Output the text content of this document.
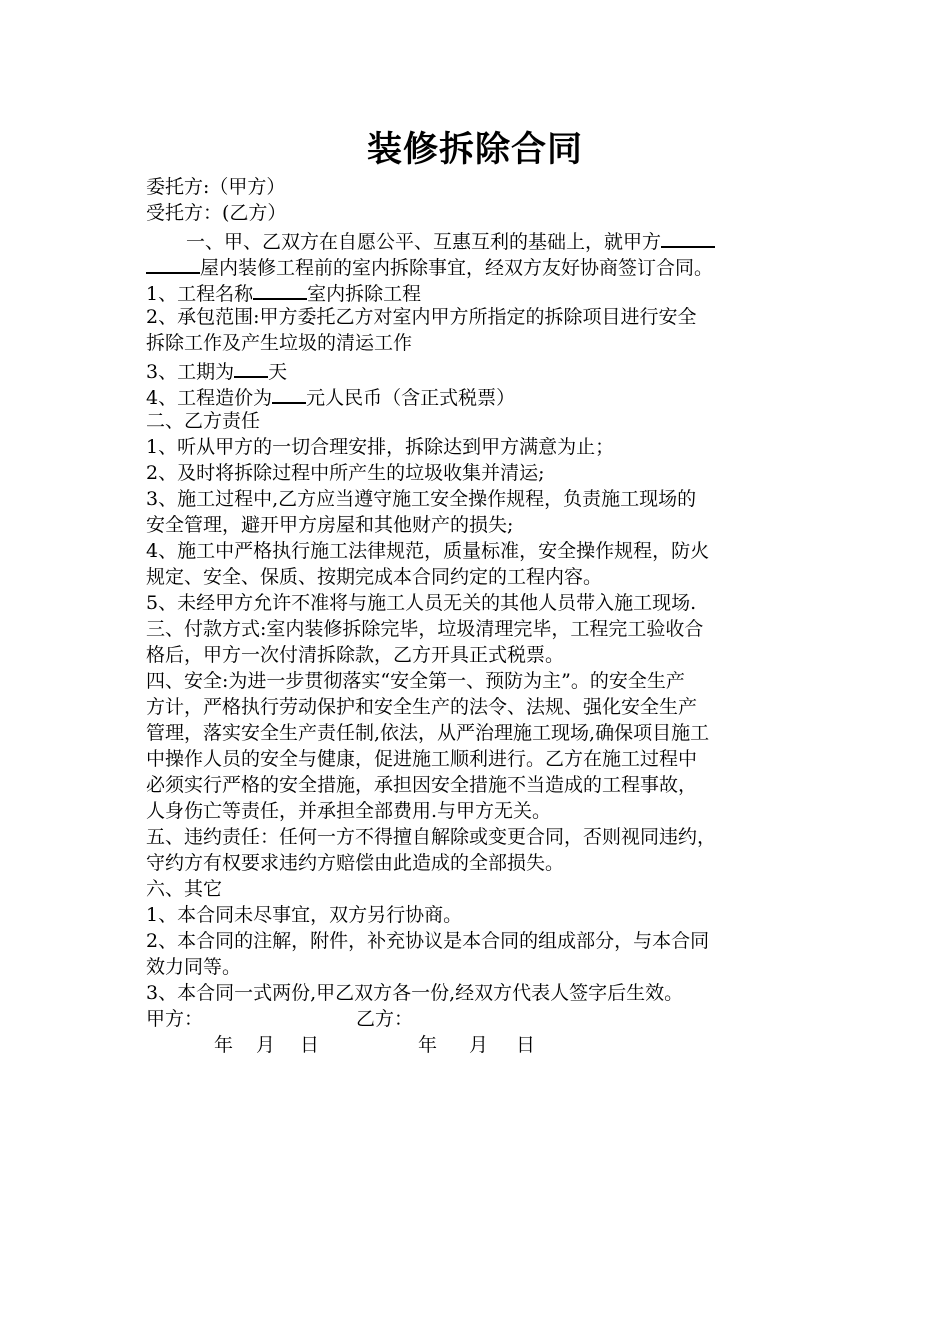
装修拆除合同
委托方:（甲方）
受托方：(乙方）
一、甲、乙双方在自愿公平、互惠互利的基础上，就甲方
屋内装修工程前的室内拆除事宜，经双方友好协商签订合同。
1、工程名称	室内拆除工程
2、承包范围:甲方委托乙方对室内甲方所指定的拆除项目进行安全
拆除工作及产生垃圾的清运工作
3、工期为 天
4、工程造价为 元人民币（含正式税票）
二、乙方责任
1、听从甲方的一切合理安排，拆除达到甲方满意为止；
2、及时将拆除过程中所产生的垃圾收集并清运;
3、施工过程中,乙方应当遵守施工安全操作规程，负责施工现场的
安全管理，避开甲方房屋和其他财产的损失;
4、施工中严格执行施工法律规范，质量标准，安全操作规程，防火
规定、安全、保质、按期完成本合同约定的工程内容。
5、未经甲方允许不准将与施工人员无关的其他人员带入施工现场.
三、付款方式:室内装修拆除完毕，垃圾清理完毕，工程完工验收合
格后，甲方一次付清拆除款，乙方开具正式税票。
四、安全:为进一步贯彻落实“安全第一、预防为主”。的安全生产
方计，严格执行劳动保护和安全生产的法令、法规、强化安全生产
管理，落实安全生产责任制,依法，从严治理施工现场,确保项目施工
中操作人员的安全与健康，促进施工顺利进行。乙方在施工过程中
必须实行严格的安全措施，承担因安全措施不当造成的工程事故，
人身伤亡等责任，并承担全部费用.与甲方无关。
五、违约责任：任何一方不得擅自解除或变更合同，否则视同违约，
守约方有权要求违约方赔偿由此造成的全部损失。
六、其它
1、本合同未尽事宜，双方另行协商。
2、本合同的注解，附件，补充协议是本合同的组成部分，与本合同
效力同等。
3、本合同一式两份,甲乙双方各一份,经双方代表人签字后生效。
甲方：	乙方：
年 月 日	年 月 日
